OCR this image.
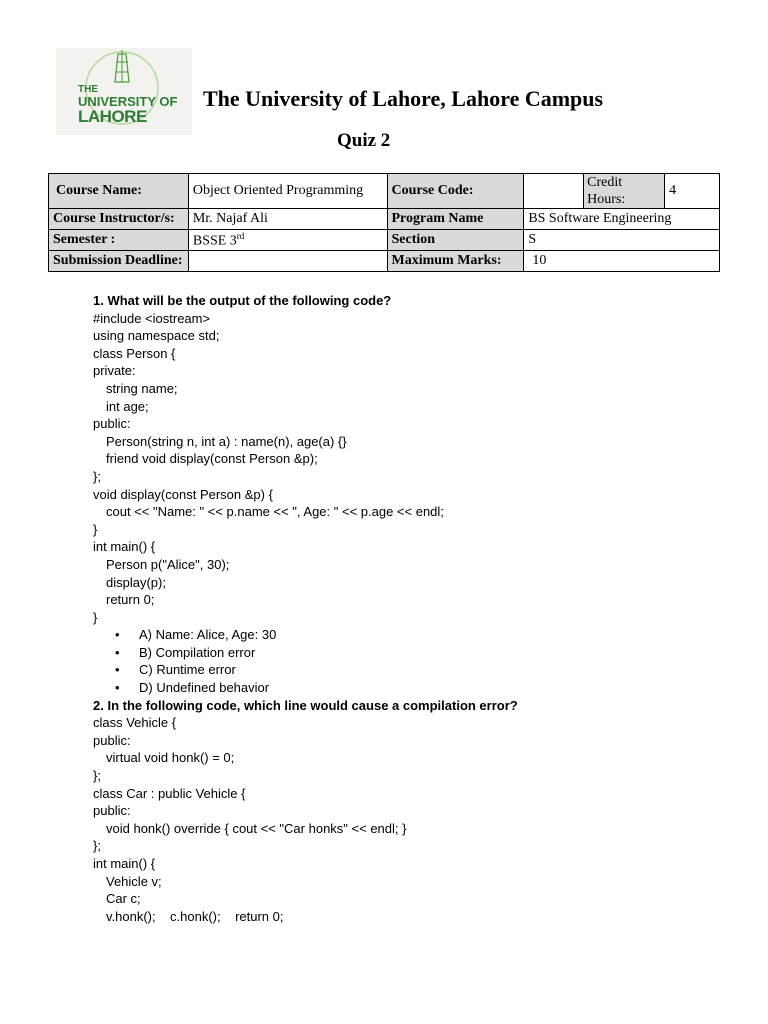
THE
UNIVERSITY OF
LAHORE
The University of Lahore, Lahore Campus
Quiz 2
Course Name:	Object Oriented Programming	Course Code:		Credit
Hours:	4
Course Instructor/s:	Mr. Najaf Ali	Program Name	BS Software Engineering		
Semester :	BSSE 3rd	Section	S		
Submission Deadline:		Maximum Marks:	10		
1. What will be the output of the following code?
#include <iostream>
using namespace std;
class Person {
private:
string name;
int age;
public:
Person(string n, int a) : name(n), age(a) {}
friend void display(const Person &p);
};
void display(const Person &p) {
cout << "Name: " << p.name << ", Age: " << p.age << endl;
}
int main() {
Person p("Alice", 30);
display(p);
return 0;
}
• A) Name: Alice, Age: 30
• B) Compilation error
• C) Runtime error
• D) Undefined behavior
2. In the following code, which line would cause a compilation error?
class Vehicle {
public:
virtual void honk() = 0;
};
class Car : public Vehicle {
public:
void honk() override { cout << "Car honks" << endl; }
};
int main() {
Vehicle v;
Car c;
v.honk();    c.honk();    return 0;
